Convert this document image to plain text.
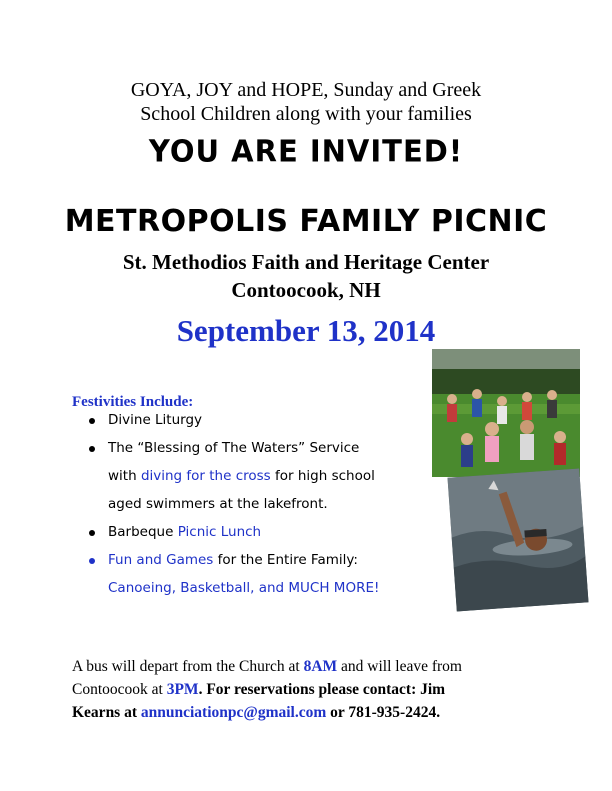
GOYA, JOY and HOPE, Sunday and Greek
School Children along with your families
YOU ARE INVITED!
METROPOLIS FAMILY PICNIC
St. Methodios Faith and Heritage Center
Contoocook, NH
September 13, 2014
Festivities Include:
Divine Liturgy
The “Blessing of The Waters” Service
with diving for the cross for high school
aged swimmers at the lakefront.
Barbeque Picnic Lunch
Fun and Games for the Entire Family:
Canoeing, Basketball, and MUCH MORE!
A bus will depart from the Church at 8AM and will leave from
Contoocook at 3PM. For reservations please contact: Jim
Kearns at annunciationpc@gmail.com or 781-935-2424.
